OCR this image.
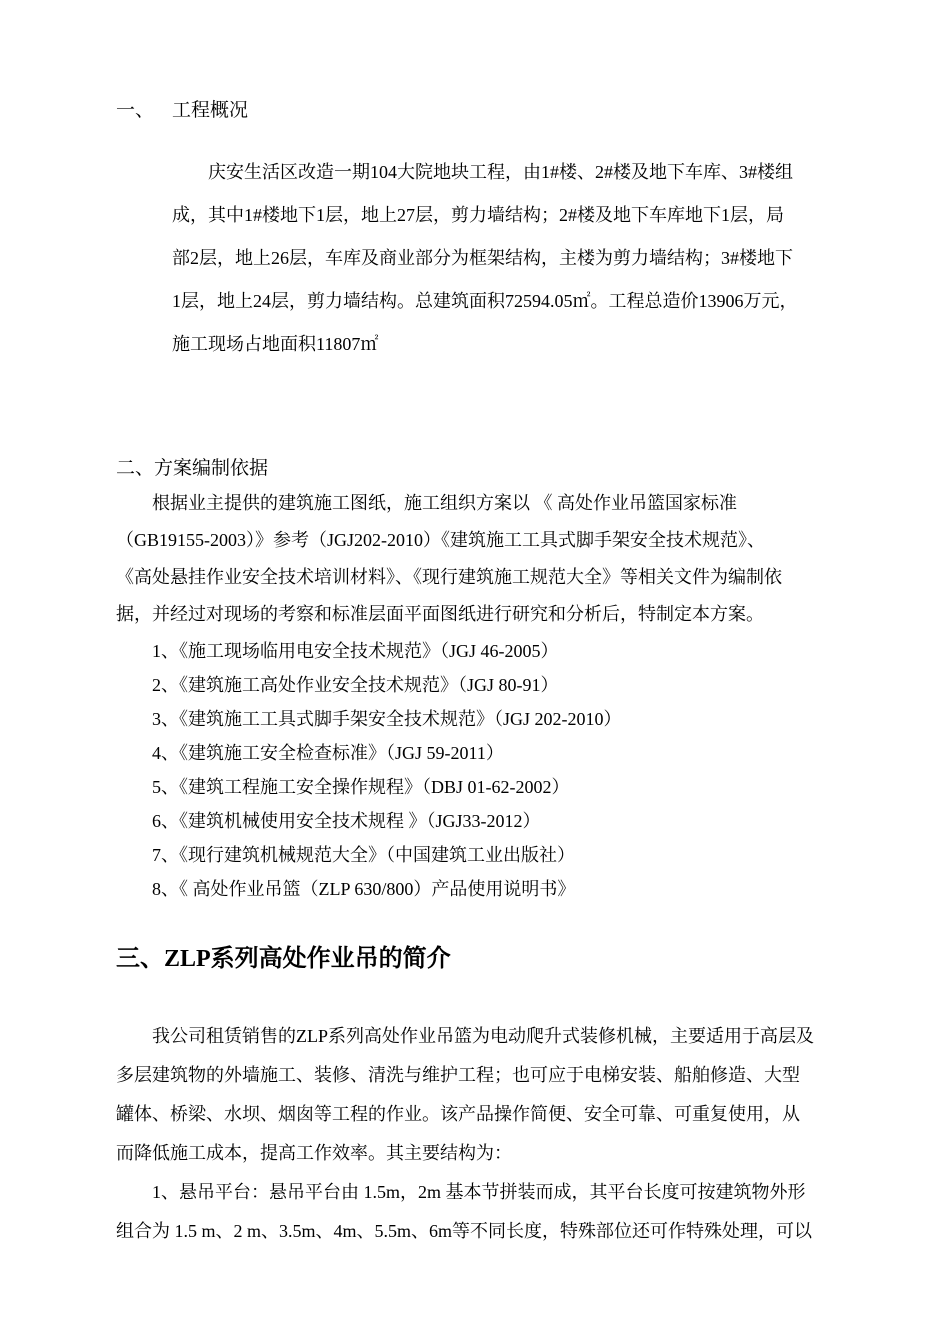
一、 工程概况
庆安生活区改造一期104大院地块工程，由1#楼、2#楼及地下车库、3#楼组
成，其中1#楼地下1层，地上27层，剪力墙结构；2#楼及地下车库地下1层，局
部2层，地上26层，车库及商业部分为框架结构，主楼为剪力墙结构；3#楼地下
1层，地上24层，剪力墙结构。总建筑面积72594.05㎡。工程总造价13906万元，
施工现场占地面积11807㎡
二、方案编制依据
根据业主提供的建筑施工图纸，施工组织方案以 《 高处作业吊篮国家标准
（GB19155-2003）》参考（JGJ202-2010）《建筑施工工具式脚手架安全技术规范》、
《高处悬挂作业安全技术培训材料》、《现行建筑施工规范大全》等相关文件为编制依
据，并经过对现场的考察和标准层面平面图纸进行研究和分析后，特制定本方案。
1、《施工现场临用电安全技术规范》（JGJ 46-2005）
2、《建筑施工高处作业安全技术规范》（JGJ 80-91）
3、《建筑施工工具式脚手架安全技术规范》（JGJ 202-2010）
4、《建筑施工安全检查标准》（JGJ 59-2011）
5、《建筑工程施工安全操作规程》（DBJ 01-62-2002）
6、《建筑机械使用安全技术规程 》（JGJ33-2012）
7、《现行建筑机械规范大全》（中国建筑工业出版社）
8、《 高处作业吊篮（ZLP 630/800）产品使用说明书》
三、ZLP系列高处作业吊的简介
我公司租赁销售的ZLP系列高处作业吊篮为电动爬升式装修机械，主要适用于高层及
多层建筑物的外墙施工、装修、清洗与维护工程；也可应于电梯安装、船舶修造、大型
罐体、桥梁、水坝、烟囱等工程的作业。该产品操作简便、安全可靠、可重复使用，从
而降低施工成本，提高工作效率。其主要结构为：
1、悬吊平台：悬吊平台由 1.5m，2m 基本节拼装而成，其平台长度可按建筑物外形
组合为 1.5 m、2 m、3.5m、4m、5.5m、6m等不同长度，特殊部位还可作特殊处理，可以
